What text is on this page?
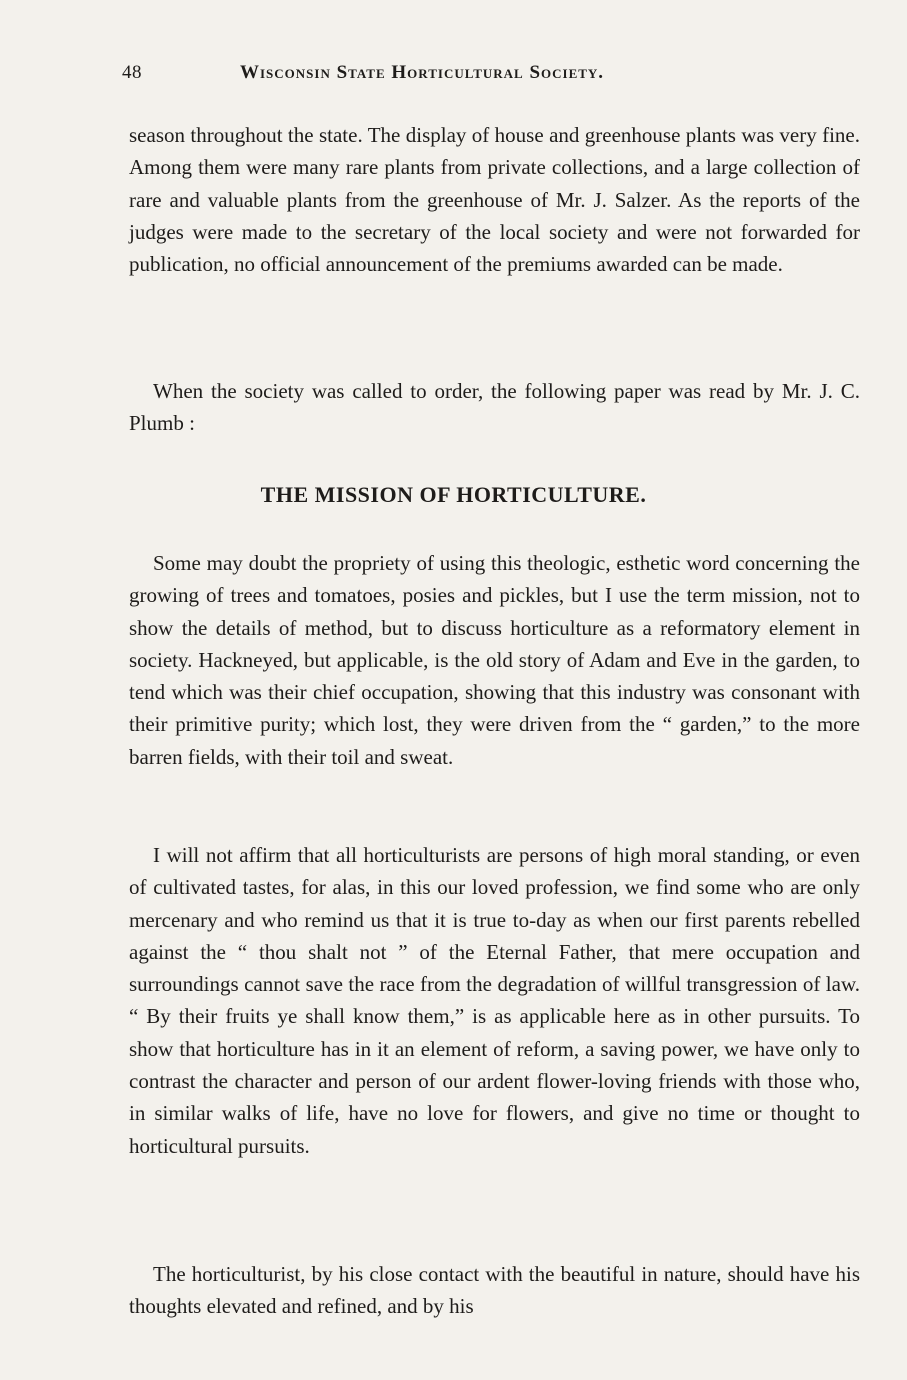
48	Wisconsin State Horticultural Society.

season throughout the state. The display of house and greenhouse plants was very fine. Among them were many rare plants from private collections, and a large collection of rare and valuable plants from the greenhouse of Mr. J. Salzer. As the reports of the judges were made to the secretary of the local society and were not forwarded for publication, no official announcement of the premiums awarded can be made.

When the society was called to order, the following paper was read by Mr. J. C. Plumb :

THE MISSION OF HORTICULTURE.

Some may doubt the propriety of using this theologic, esthetic word concerning the growing of trees and tomatoes, posies and pickles, but I use the term mission, not to show the details of method, but to discuss horticulture as a reformatory element in society. Hackneyed, but applicable, is the old story of Adam and Eve in the garden, to tend which was their chief occupation, showing that this industry was consonant with their primitive purity; which lost, they were driven from the “ garden,” to the more barren fields, with their toil and sweat.

I will not affirm that all horticulturists are persons of high moral standing, or even of cultivated tastes, for alas, in this our loved profession, we find some who are only mercenary and who remind us that it is true to-day as when our first parents rebelled against the “ thou shalt not ” of the Eternal Father, that mere occupation and surroundings cannot save the race from the degradation of willful transgression of law. “ By their fruits ye shall know them,” is as applicable here as in other pursuits. To show that horticulture has in it an element of reform, a saving power, we have only to contrast the character and person of our ardent flower-loving friends with those who, in similar walks of life, have no love for flowers, and give no time or thought to horticultural pursuits.

The horticulturist, by his close contact with the beautiful in nature, should have his thoughts elevated and refined, and by his
